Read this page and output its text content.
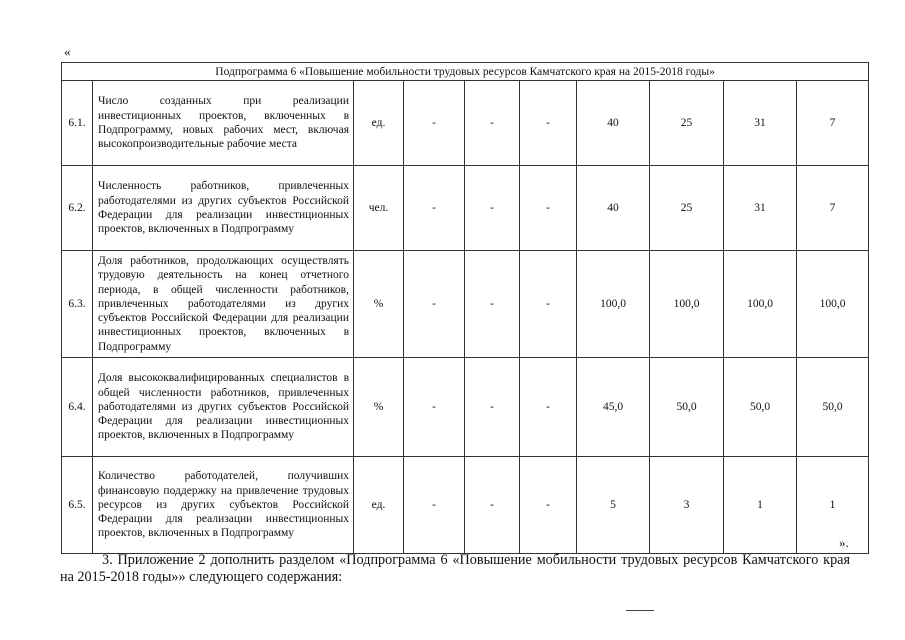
«
Подпрограмма 6 «Повышение мобильности трудовых ресурсов Камчатского края на 2015-2018 годы»									
6.1.	Число созданных при реализации инвестиционных проектов, включенных в Подпрограмму, новых рабочих мест, включая высокопроизводительные рабочие места	ед.	-	-	-	40	25	31	7
6.2.	Численность работников, привлеченных работодателями из других субъектов Российской Федерации для реализации инвестиционных проектов, включенных в Подпрограмму	чел.	-	-	-	40	25	31	7
6.3.	Доля работников, продолжающих осуществлять трудовую деятельность на конец отчетного периода, в общей численности работников, привлеченных работодателями из других субъектов Российской Федерации для реализации инвестиционных проектов, включенных в Подпрограмму	%	-	-	-	100,0	100,0	100,0	100,0
6.4.	Доля высококвалифицированных специалистов в общей численности работников, привлеченных работодателями из других субъектов Российской Федерации для реализации инвестиционных проектов, включенных в Подпрограмму	%	-	-	-	45,0	50,0	50,0	50,0
6.5.	Количество работодателей, получивших финансовую поддержку на привлечение трудовых ресурсов из других субъектов Российской Федерации для реализации инвестиционных проектов, включенных в Подпрограмму	ед.	-	-	-	5	3	1	1
».
3. Приложение 2 дополнить разделом «Подпрограмма 6 «Повышение мобильности трудовых ресурсов Камчатского края на 2015-2018 годы»» следующего содержания:
